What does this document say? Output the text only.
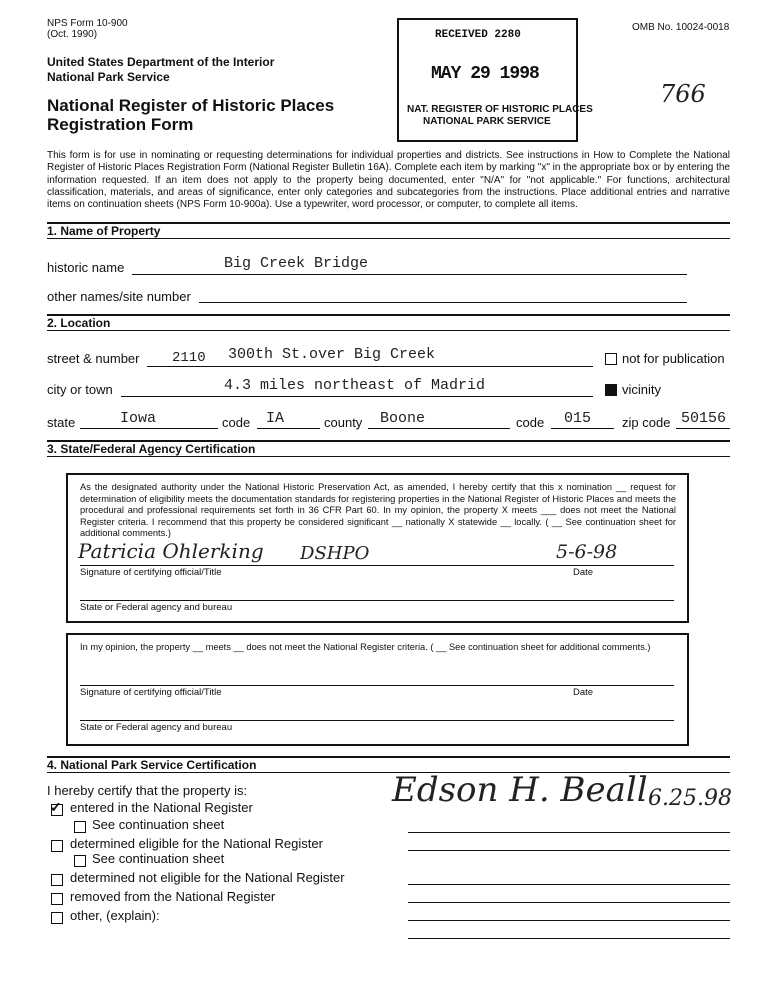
NPS Form 10-900
(Oct. 1990)
OMB No. 10024-0018
United States Department of the Interior
National Park Service
National Register of Historic Places
Registration Form
RECEIVED 2280
MAY 29 1998
NAT. REGISTER OF HISTORIC PLACES
NATIONAL PARK SERVICE
766
This form is for use in nominating or requesting determinations for individual properties and districts. See instructions in How to Complete the National Register of Historic Places Registration Form (National Register Bulletin 16A). Complete each item by marking "x" in the appropriate box or by entering the information requested. If an item does not apply to the property being documented, enter "N/A" for "not applicable." For functions, architectural classification, materials, and areas of significance, enter only categories and subcategories from the instructions. Place additional entries and narrative items on continuation sheets (NPS Form 10-900a). Use a typewriter, word processor, or computer, to complete all items.
1. Name of Property
historic name	Big Creek Bridge
other names/site number
2. Location
street & number 2110 300th St.over Big Creek	not for publication
city or town	4.3 miles northeast of Madrid	vicinity
state	Iowa	code IA	county Boone	code 015 zip code 50156
3. State/Federal Agency Certification
As the designated authority under the National Historic Preservation Act, as amended, I hereby certify that this x nomination __ request for determination of eligibility meets the documentation standards for registering properties in the National Register of Historic Places and meets the procedural and professional requirements set forth in 36 CFR Part 60. In my opinion, the property X meets ___ does not meet the National Register criteria. I recommend that this property be considered significant __ nationally X statewide __ locally. ( __ See continuation sheet for additional comments.)
Patricia Ohlerking DSHPO	5-6-98
Signature of certifying official/Title	Date
State or Federal agency and bureau
In my opinion, the property __ meets __ does not meet the National Register criteria. ( __ See continuation sheet for additional comments.)
Signature of certifying official/Title	Date
State or Federal agency and bureau
4. National Park Service Certification
I hereby certify that the property is:
✓ entered in the National Register
See continuation sheet
determined eligible for the National Register
See continuation sheet
determined not eligible for the National Register
removed from the National Register
other, (explain):
Edson H. Beall 6.25.98
